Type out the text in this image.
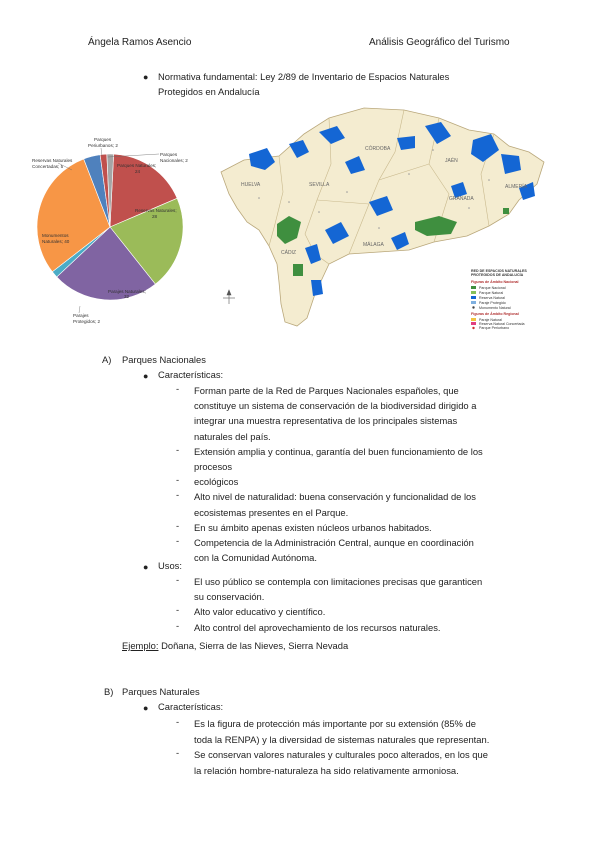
Ángela Ramos Asencio	Análisis Geográfico del Turismo
● Normativa fundamental: Ley 2/89 de Inventario de Espacios Naturales
Protegidos en Andalucía
Parques Naturales;
24
Reservas Naturales;
28
Parajes Naturales;
32
Monumentos
Naturales; 40
Reservas Naturales
Concertadas; 5
Parques
Periurbanos; 2
Parques
Nacionales; 2
Parajes
Protegidos; 2
CÓRDOBA
JAÉN
SEVILLA
HUELVA
GRANADA
ALMERÍA
CÁDIZ
MÁLAGA
RED DE ESPACIOS NATURALES
PROTEGIDOS DE ANDALUCÍA
Figuras de Ámbito Nacional
Parque Nacional
Parque Natural
Reserva Natural
Paraje Protegido
Monumento Natural
Figuras de Ámbito Regional
Paraje Natural
Reserva Natural Concertada
Parque Periurbano
A) Parques Nacionales
● Características:
- Forman parte de la Red de Parques Nacionales españoles, que
constituye un sistema de conservación de la biodiversidad dirigido a
integrar una muestra representativa de los principales sistemas
naturales del país.
- Extensión amplia y continua, garantía del buen funcionamiento de los
procesos
- ecológicos
- Alto nivel de naturalidad: buena conservación y funcionalidad de los
ecosistemas presentes en el Parque.
- En su ámbito apenas existen núcleos urbanos habitados.
- Competencia de la Administración Central, aunque en coordinación
con la Comunidad Autónoma.
● Usos:
- El uso público se contempla con limitaciones precisas que garanticen
su conservación.
- Alto valor educativo y científico.
- Alto control del aprovechamiento de los recursos naturales.
Ejemplo: Doñana, Sierra de las Nieves, Sierra Nevada
B) Parques Naturales
● Características:
- Es la figura de protección más importante por su extensión (85% de
toda la RENPA) y la diversidad de sistemas naturales que representan.
- Se conservan valores naturales y culturales poco alterados, en los que
la relación hombre-naturaleza ha sido relativamente armoniosa.
